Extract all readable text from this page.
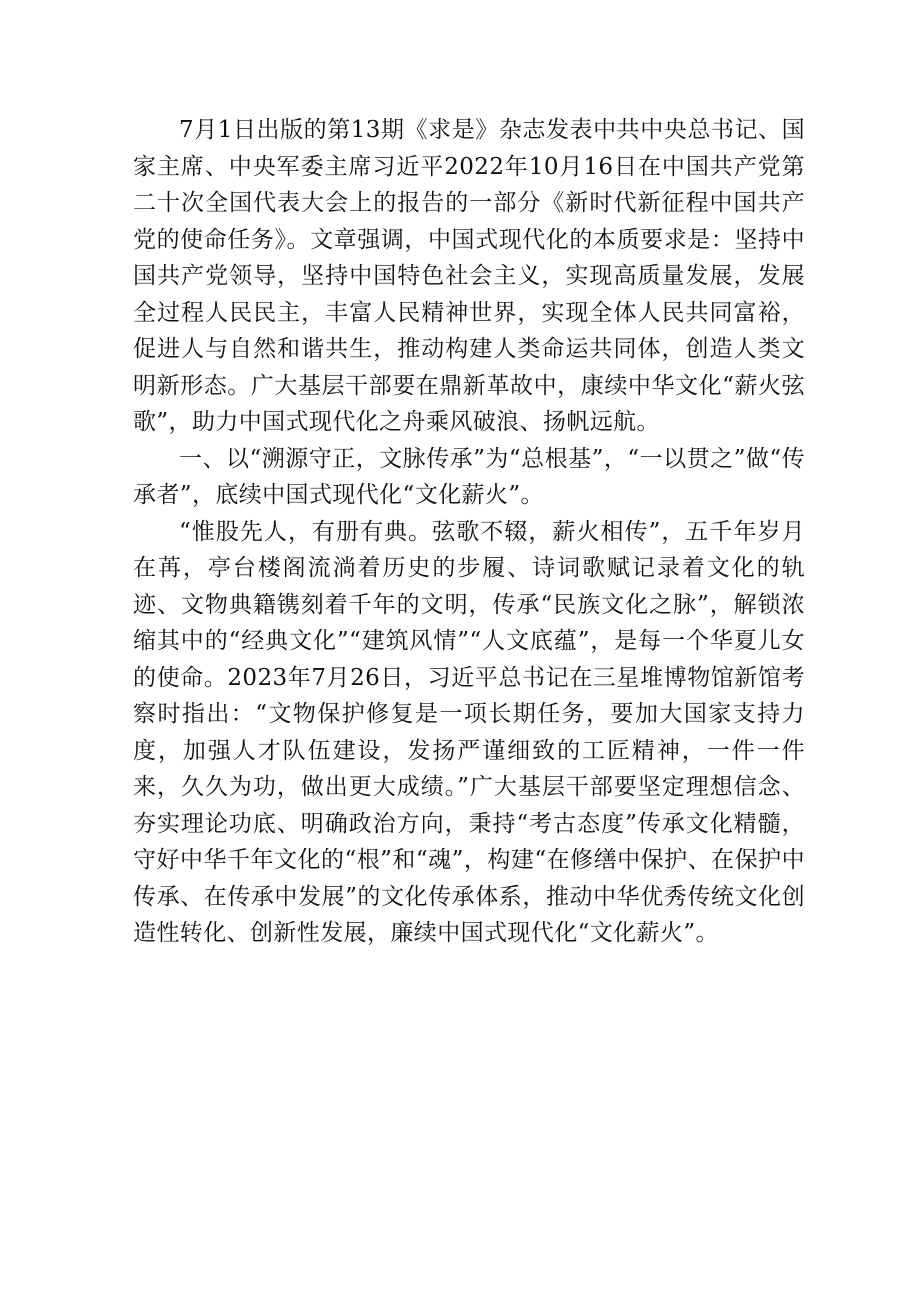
7月1日出版的第13期《求是》杂志发表中共中央总书记、国家主席、中央军委主席习近平2022年10月16日在中国共产党第二十次全国代表大会上的报告的一部分《新时代新征程中国共产党的使命任务》。文章强调，中国式现代化的本质要求是：坚持中国共产党领导，坚持中国特色社会主义，实现高质量发展，发展全过程人民民主，丰富人民精神世界，实现全体人民共同富裕，促进人与自然和谐共生，推动构建人类命运共同体，创造人类文明新形态。广大基层干部要在鼎新革故中，康续中华文化“薪火弦歌”，助力中国式现代化之舟乘风破浪、扬帆远航。

一、以“溯源守正，文脉传承”为“总根基”，“一以贯之”做“传承者”，底续中国式现代化“文化薪火”。

“惟股先人，有册有典。弦歌不辍，薪火相传”，五千年岁月在苒，亭台楼阁流淌着历史的步履、诗词歌赋记录着文化的轨迹、文物典籍镌刻着千年的文明，传承“民族文化之脉”，解锁浓缩其中的“经典文化”“建筑风情”“人文底蕴”，是每一个华夏儿女的使命。2023年7月26日，习近平总书记在三星堆博物馆新馆考察时指出：“文物保护修复是一项长期任务，要加大国家支持力度，加强人才队伍建设，发扬严谨细致的工匠精神，一件一件来，久久为功，做出更大成绩。”广大基层干部要坚定理想信念、夯实理论功底、明确政治方向，秉持“考古态度”传承文化精髓，守好中华千年文化的“根”和“魂”，构建“在修缮中保护、在保护中传承、在传承中发展”的文化传承体系，推动中华优秀传统文化创造性转化、创新性发展，廉续中国式现代化“文化薪火”。
